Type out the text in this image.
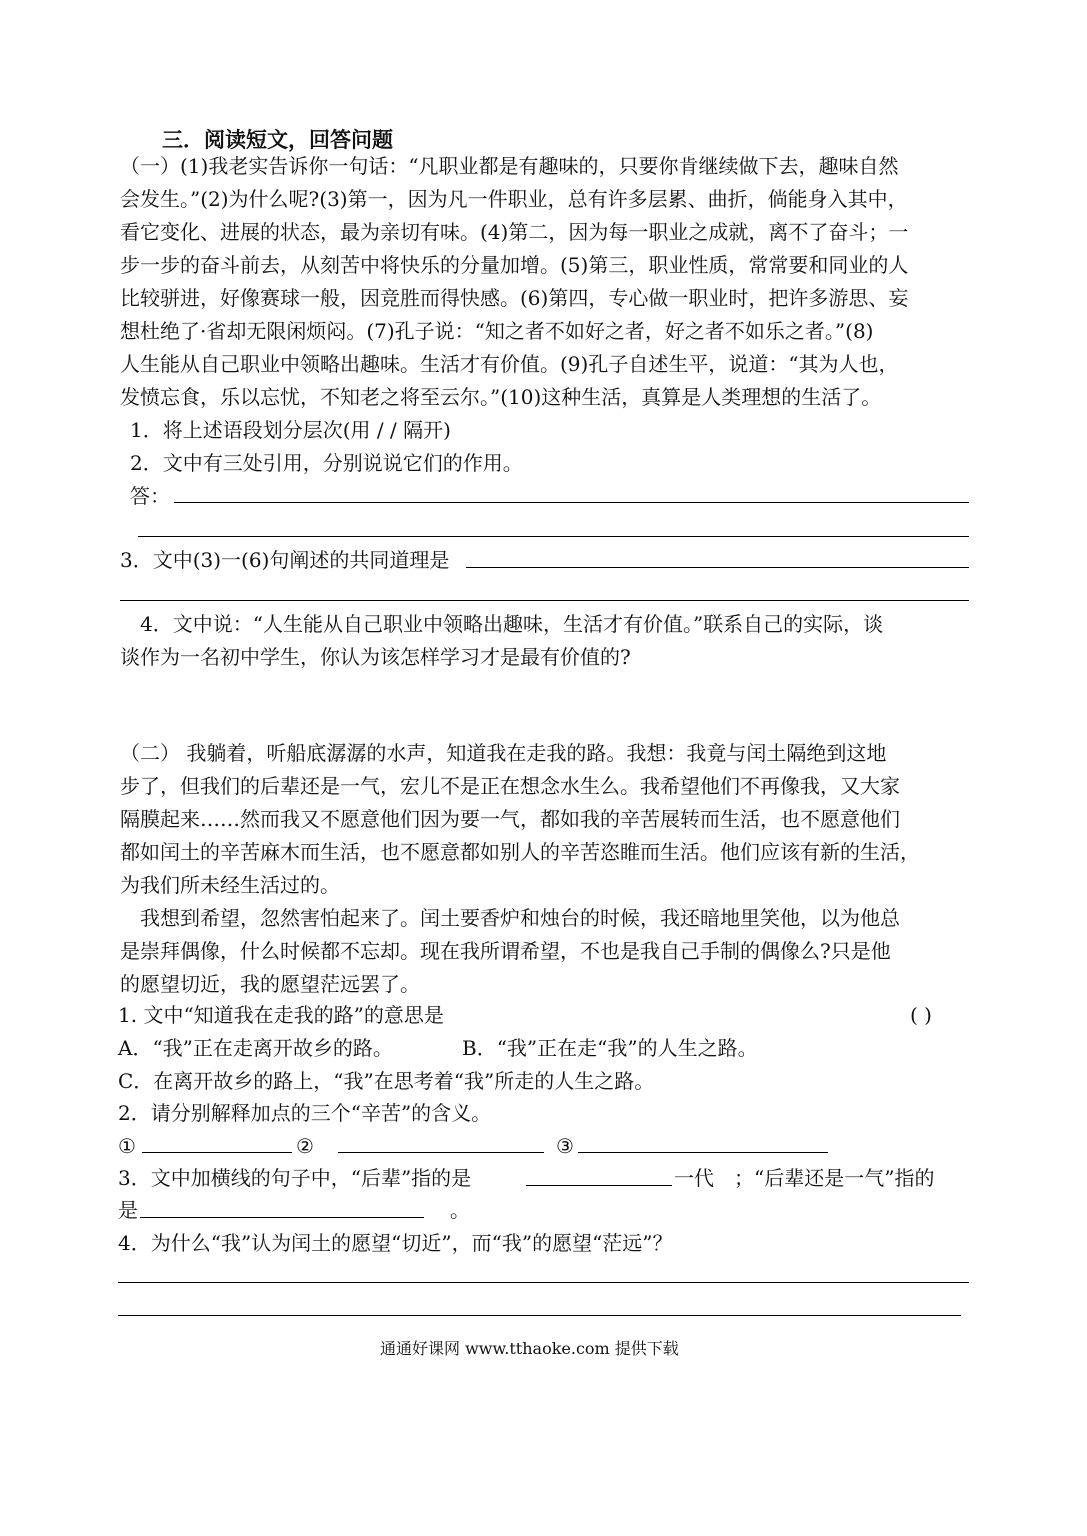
三．阅读短文，回答问题
（一）(1)我老实告诉你一句话：“凡职业都是有趣味的，只要你肯继续做下去，趣味自然
会发生。”(2)为什么呢?(3)第一，因为凡一件职业，总有许多层累、曲折，倘能身入其中，
看它变化、进展的状态，最为亲切有味。(4)第二，因为每一职业之成就，离不了奋斗；一
步一步的奋斗前去，从刻苦中将快乐的分量加增。(5)第三，职业性质，常常要和同业的人
比较骈进，好像赛球一般，因竞胜而得快感。(6)第四，专心做一职业时，把许多游思、妄
想杜绝了·省却无限闲烦闷。(7)孔子说：“知之者不如好之者，好之者不如乐之者。”(8)
人生能从自己职业中领略出趣味。生活才有价值。(9)孔子自述生平，说道：“其为人也，
发愤忘食，乐以忘忧，不知老之将至云尔。”(10)这种生活，真算是人类理想的生活了。
1．将上述语段划分层次(用 / / 隔开)
2．文中有三处引用，分别说说它们的作用。
答：
3．文中(3)一(6)句阐述的共同道理是
4．文中说：“人生能从自己职业中领略出趣味，生活才有价值。”联系自己的实际，谈
谈作为一名初中学生，你认为该怎样学习才是最有价值的?
（二） 我躺着，听船底潺潺的水声，知道我在走我的路。我想：我竟与闰土隔绝到这地
步了，但我们的后辈还是一气，宏儿不是正在想念水生么。我希望他们不再像我，又大家
隔膜起来……然而我又不愿意他们因为要一气，都如我的辛苦展转而生活，也不愿意他们
都如闰土的辛苦麻木而生活，也不愿意都如别人的辛苦恣睢而生活。他们应该有新的生活，
为我们所未经生活过的。
我想到希望，忽然害怕起来了。闰土要香炉和烛台的时候，我还暗地里笑他，以为他总
是崇拜偶像，什么时候都不忘却。现在我所谓希望，不也是我自己手制的偶像么?只是他
的愿望切近，我的愿望茫远罢了。
1. 文中“知道我在走我的路”的意思是	( )
A．“我”正在走离开故乡的路。	B．“我”正在走“我”的人生之路。
C．在离开故乡的路上，“我”在思考着“我”所走的人生之路。
2．请分别解释加点的三个“辛苦”的含义。
①	②	③
3．文中加横线的句子中，“后辈”指的是	一代 ；“后辈还是一气”指的
是	。
4．为什么“我”认为闰土的愿望“切近”，而“我”的愿望“茫远”？
通通好课网 www.tthaoke.com 提供下载
